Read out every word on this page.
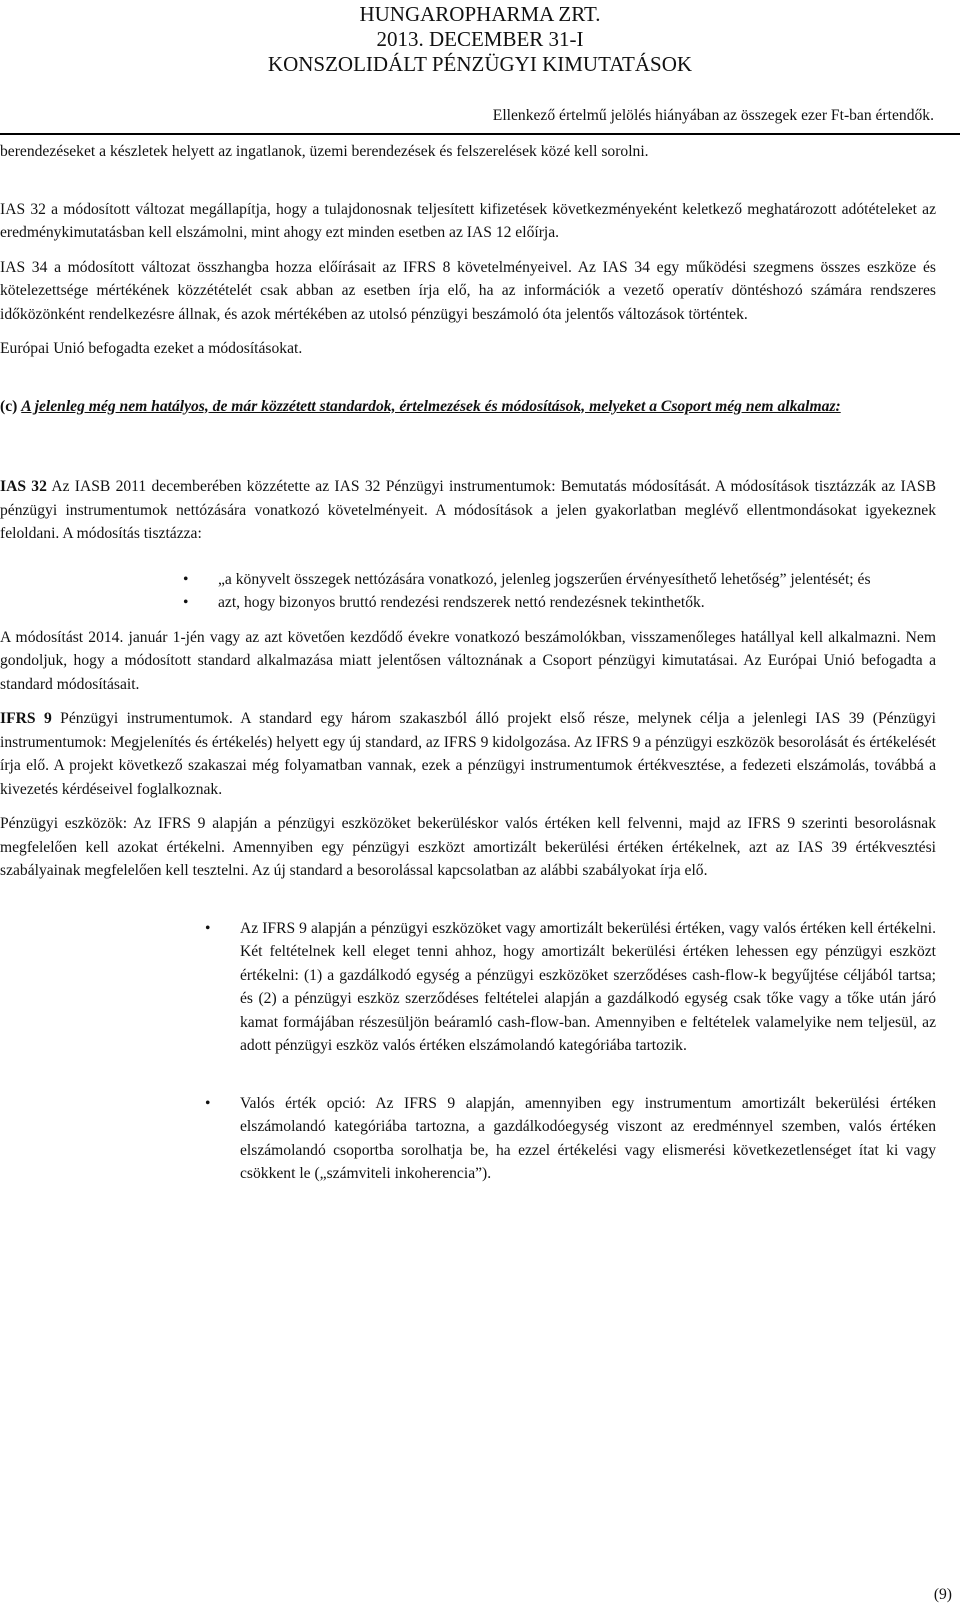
HUNGAROPHARMA ZRT.
2013. DECEMBER 31-I
KONSZOLIDÁLT PÉNZÜGYI KIMUTATÁSOK
Ellenkező értelmű jelölés hiányában az összegek ezer Ft-ban értendők.

berendezéseket a készletek helyett az ingatlanok, üzemi berendezések és felszerelések közé kell sorolni.

IAS 32 a módosított változat megállapítja, hogy a tulajdonosnak teljesített kifizetések következményeként keletkező meghatározott adótételeket az eredménykimutatásban kell elszámolni, mint ahogy ezt minden esetben az IAS 12 előírja.

IAS 34 a módosított változat összhangba hozza előírásait az IFRS 8 követelményeivel. Az IAS 34 egy működési szegmens összes eszköze és kötelezettsége mértékének közzétételét csak abban az esetben írja elő, ha az információk a vezető operatív döntéshozó számára rendszeres időközönként rendelkezésre állnak, és azok mértékében az utolsó pénzügyi beszámoló óta jelentős változások történtek.

Európai Unió befogadta ezeket a módosításokat.

(c) A jelenleg még nem hatályos, de már közzétett standardok, értelmezések és módosítások, melyeket a Csoport még nem alkalmaz:

IAS 32 Az IASB 2011 decemberében közzétette az IAS 32 Pénzügyi instrumentumok: Bemutatás módosítását. A módosítások tisztázzák az IASB pénzügyi instrumentumok nettózására vonatkozó követelményeit. A módosítások a jelen gyakorlatban meglévő ellentmondásokat igyekeznek feloldani. A módosítás tisztázza:

• „a könyvelt összegek nettózására vonatkozó, jelenleg jogszerűen érvényesíthető lehetőség” jelentését; és
• azt, hogy bizonyos bruttó rendezési rendszerek nettó rendezésnek tekinthetők.

A módosítást 2014. január 1-jén vagy az azt követően kezdődő évekre vonatkozó beszámolókban, visszamenőleges hatállyal kell alkalmazni. Nem gondoljuk, hogy a módosított standard alkalmazása miatt jelentősen változnának a Csoport pénzügyi kimutatásai. Az Európai Unió befogadta a standard módosításait.

IFRS 9 Pénzügyi instrumentumok. A standard egy három szakaszból álló projekt első része, melynek célja a jelenlegi IAS 39 (Pénzügyi instrumentumok: Megjelenítés és értékelés) helyett egy új standard, az IFRS 9 kidolgozása. Az IFRS 9 a pénzügyi eszközök besorolását és értékelését írja elő. A projekt következő szakaszai még folyamatban vannak, ezek a pénzügyi instrumentumok értékvesztése, a fedezeti elszámolás, továbbá a kivezetés kérdéseivel foglalkoznak.

Pénzügyi eszközök: Az IFRS 9 alapján a pénzügyi eszközöket bekerüléskor valós értéken kell felvenni, majd az IFRS 9 szerinti besorolásnak megfelelően kell azokat értékelni. Amennyiben egy pénzügyi eszközt amortizált bekerülési értéken értékelnek, azt az IAS 39 értékvesztési szabályainak megfelelően kell tesztelni. Az új standard a besorolással kapcsolatban az alábbi szabályokat írja elő.

• Az IFRS 9 alapján a pénzügyi eszközöket vagy amortizált bekerülési értéken, vagy valós értéken kell értékelni. Két feltételnek kell eleget tenni ahhoz, hogy amortizált bekerülési értéken lehessen egy pénzügyi eszközt értékelni: (1) a gazdálkodó egység a pénzügyi eszközöket szerződéses cash-flow-k begyűjtése céljából tartsa; és (2) a pénzügyi eszköz szerződéses feltételei alapján a gazdálkodó egység csak tőke vagy a tőke után járó kamat formájában részesüljön beáramló cash-flow-ban. Amennyiben e feltételek valamelyike nem teljesül, az adott pénzügyi eszköz valós értéken elszámolandó kategóriába tartozik.
• Valós érték opció: Az IFRS 9 alapján, amennyiben egy instrumentum amortizált bekerülési értéken elszámolandó kategóriába tartozna, a gazdálkodóegység viszont az eredménnyel szemben, valós értéken elszámolandó csoportba sorolhatja be, ha ezzel értékelési vagy elismerési következetlenséget ítat ki vagy csökkent le („számviteli inkoherencia”).
(9)
